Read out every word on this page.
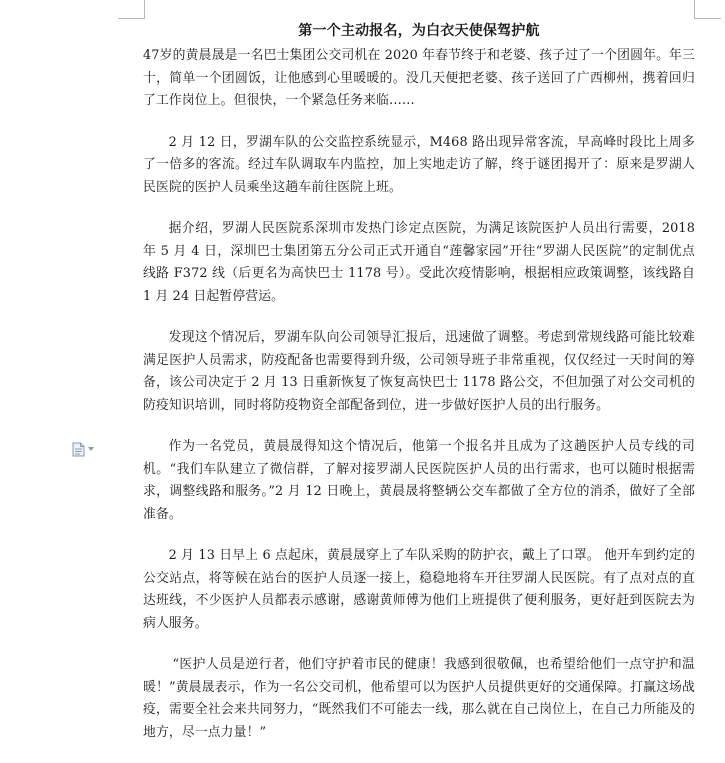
第一个主动报名，为白衣天使保驾护航

47岁的黄晨晟是一名巴士集团公交司机在 2020 年春节终于和老婆、孩子过了一个团圆年。年三十，简单一个团圆饭，让他感到心里暖暖的。没几天便把老婆、孩子送回了广西柳州，携着回归了工作岗位上。但很快，一个紧急任务来临……

2 月 12 日，罗湖车队的公交监控系统显示，M468 路出现异常客流，早高峰时段比上周多了一倍多的客流。经过车队调取车内监控，加上实地走访了解，终于谜团揭开了：原来是罗湖人民医院的医护人员乘坐这趟车前往医院上班。

据介绍，罗湖人民医院系深圳市发热门诊定点医院，为满足该院医护人员出行需要，2018 年 5 月 4 日，深圳巴士集团第五分公司正式开通自“莲馨家园”开往“罗湖人民医院”的定制优点线路 F372 线（后更名为高快巴士 1178 号）。受此次疫情影响，根据相应政策调整，该线路自 1 月 24 日起暂停营运。

发现这个情况后，罗湖车队向公司领导汇报后，迅速做了调整。考虑到常规线路可能比较难满足医护人员需求，防疫配备也需要得到升级，公司领导班子非常重视，仅仅经过一天时间的筹备，该公司决定于 2 月 13 日重新恢复了恢复高快巴士 1178 路公交，不但加强了对公交司机的防疫知识培训，同时将防疫物资全部配备到位，进一步做好医护人员的出行服务。

作为一名党员，黄晨晟得知这个情况后，他第一个报名并且成为了这趟医护人员专线的司机。“我们车队建立了微信群，了解对接罗湖人民医院医护人员的出行需求，也可以随时根据需求，调整线路和服务。”2 月 12 日晚上，黄晨晟将整辆公交车都做了全方位的消杀，做好了全部准备。

2 月 13 日早上 6 点起床，黄晨晟穿上了车队采购的防护衣，戴上了口罩。 他开车到约定的公交站点，将等候在站台的医护人员逐一接上，稳稳地将车开往罗湖人民医院。有了点对点的直达班线，不少医护人员都表示感谢，感谢黄师傅为他们上班提供了便利服务，更好赶到医院去为病人服务。

“医护人员是逆行者，他们守护着市民的健康！我感到很敬佩，也希望给他们一点守护和温暖！”黄晨晟表示，作为一名公交司机，他希望可以为医护人员提供更好的交通保障。打赢这场战疫，需要全社会来共同努力，“既然我们不可能去一线，那么就在自己岗位上，在自己力所能及的地方，尽一点力量！”
